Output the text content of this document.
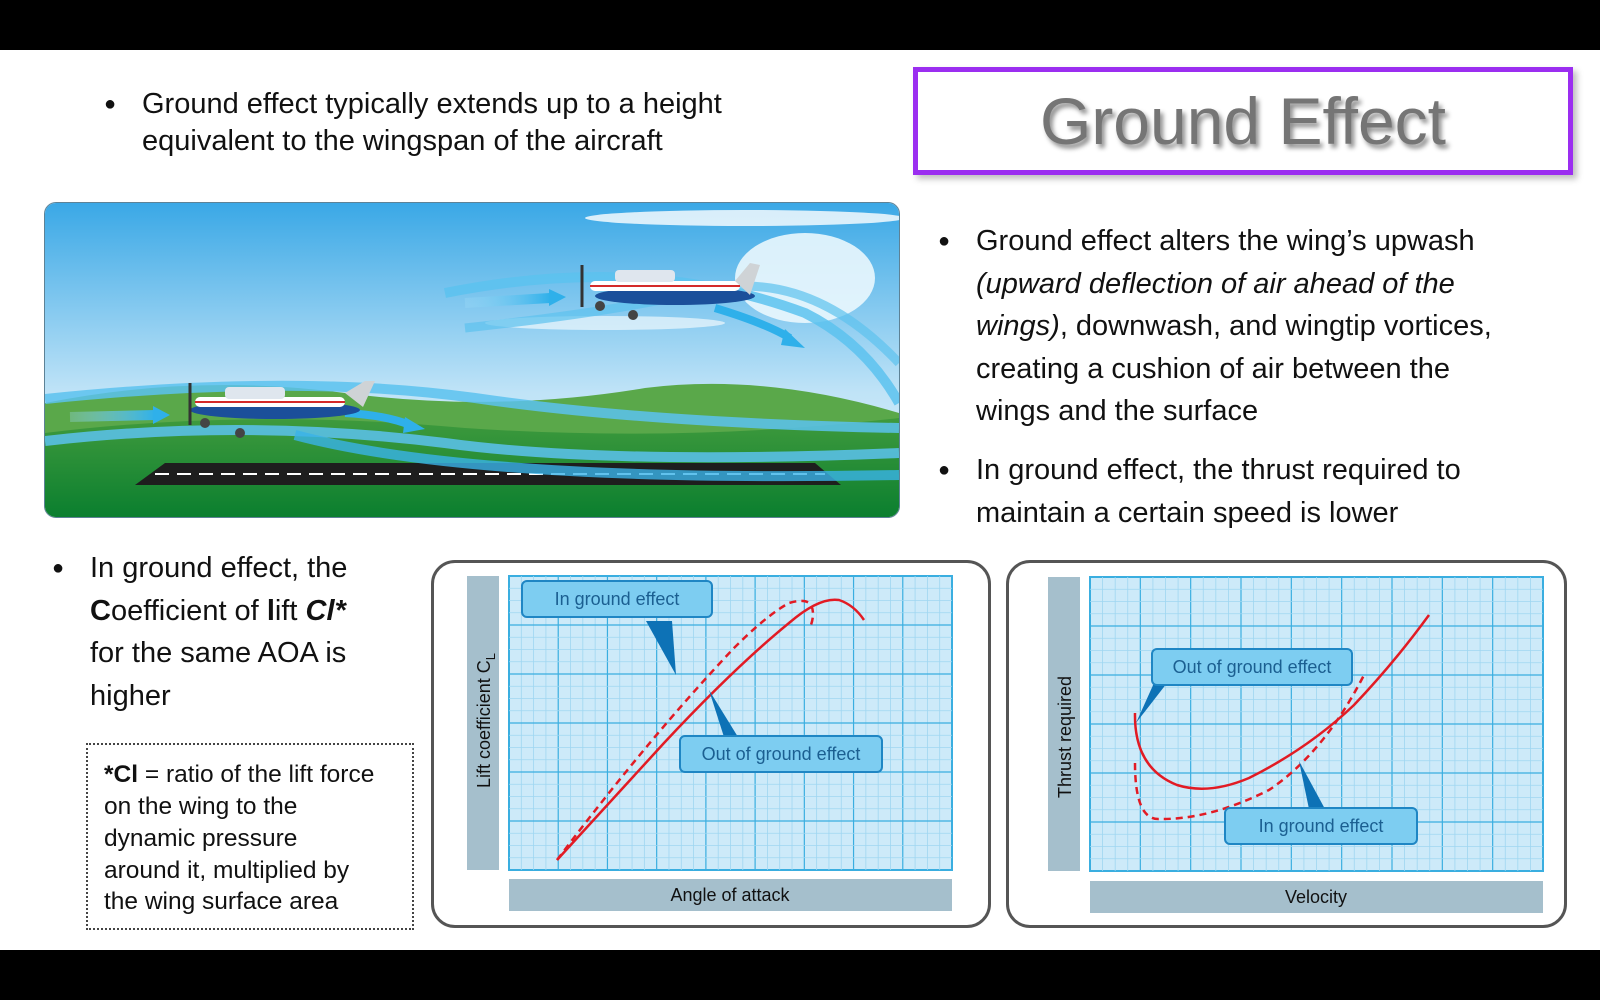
● Ground effect typically extends up to a height
equivalent to the wingspan of the aircraft	Ground Effect
● Ground effect alters the wing’s upwash
(upward deflection of air ahead of the
wings), downwash, and wingtip vortices,
creating a cushion of air between the
wings and the surface
● In ground effect, the thrust required to
maintain a certain speed is lower
● In ground effect, the
Coefficient of lift Cl*
for the same AOA is
higher
*Cl = ratio of the lift force
on the wing to the
dynamic pressure
around it, multiplied by
the wing surface area
Lift coefficient $C_L$
Angle of attack
In ground effect
Out of ground effect	Thrust required
Velocity
Out of ground effect
In ground effect
